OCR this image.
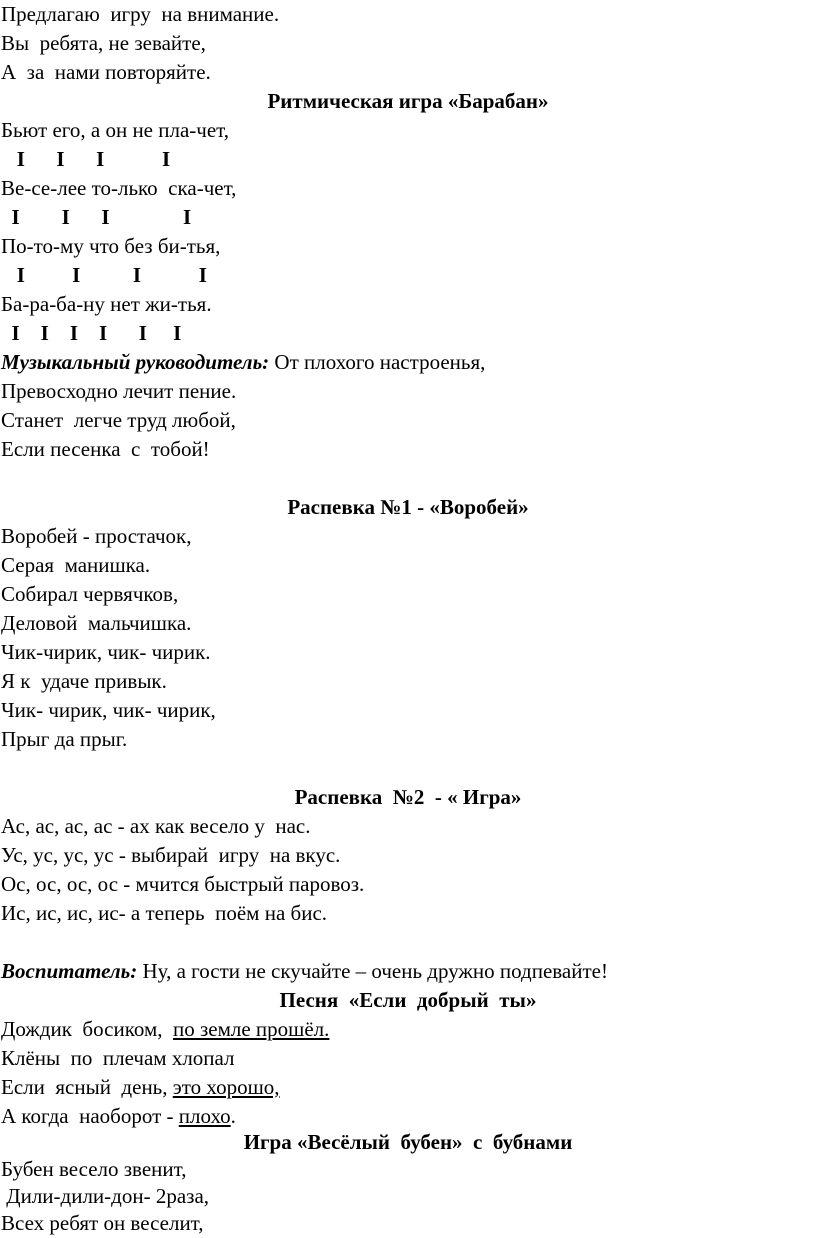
Предлагаю  игру  на внимание.
Вы  ребята, не зевайте,
А  за  нами повторяйте.
Ритмическая игра «Барабан»
Бьют его, а он не пла-чет,
I      I      I           I
Ве-се-лее то-лько  ска-чет,
I        I      I              I
По-то-му что без би-тья,
I         I          I           I
Ба-ра-ба-ну нет жи-тья.
I    I    I    I      I     I
Музыкальный руководитель: От плохого настроенья,
Превосходно лечит пение.
Станет  легче труд любой,
Если песенка  с  тобой!
Распевка №1 - «Воробей»
Воробей - простачок,
Серая  манишка.
Собирал червячков,
Деловой  мальчишка.
Чик-чирик, чик- чирик.
Я к  удаче привык.
Чик- чирик, чик- чирик,
Прыг да прыг.
Распевка  №2  - « Игра»
Ас, ас, ас, ас - ах как весело у  нас.
Ус, ус, ус, ус - выбирай  игру  на вкус.
Ос, ос, ос, ос - мчится быстрый паровоз.
Ис, ис, ис, ис- а теперь  поём на бис.
Воспитатель: Ну, а гости не скучайте – очень дружно подпевайте!
Песня  «Если  добрый  ты»
Дождик  босиком,  по земле прошёл.
Клёны  по  плечам хлопал
Если  ясный  день, это хорошо,
А когда  наоборот - плохо.
Игра «Весёлый  бубен»  с  бубнами
Бубен весело звенит,
Дили-дили-дон- 2раза,
Всех ребят он веселит,
